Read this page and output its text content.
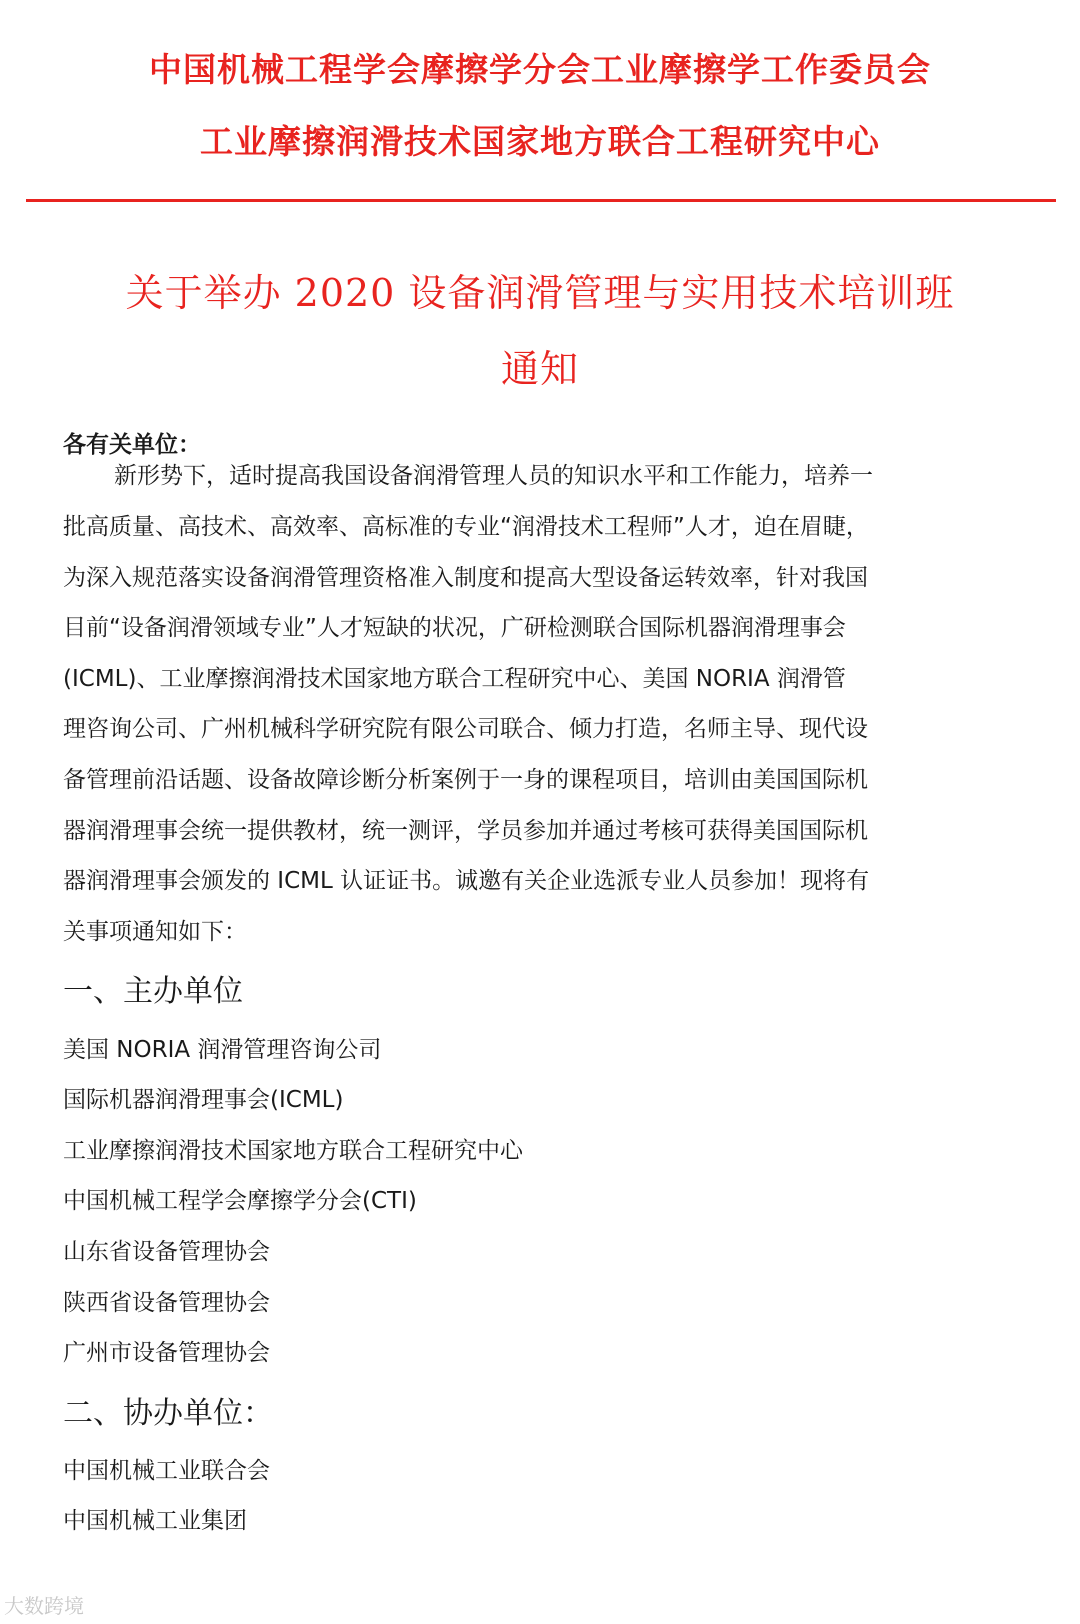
中国机械工程学会摩擦学分会工业摩擦学工作委员会
工业摩擦润滑技术国家地方联合工程研究中心
关于举办 2020 设备润滑管理与实用技术培训班
通知
各有关单位：
新形势下，适时提高我国设备润滑管理人员的知识水平和工作能力，培养一
批高质量、高技术、高效率、高标准的专业“润滑技术工程师”人才，迫在眉睫，
为深入规范落实设备润滑管理资格准入制度和提高大型设备运转效率，针对我国
目前“设备润滑领域专业”人才短缺的状况，广研检测联合国际机器润滑理事会
(ICML)、工业摩擦润滑技术国家地方联合工程研究中心、美国 NORIA 润滑管
理咨询公司、广州机械科学研究院有限公司联合、倾力打造，名师主导、现代设
备管理前沿话题、设备故障诊断分析案例于一身的课程项目，培训由美国国际机
器润滑理事会统一提供教材，统一测评，学员参加并通过考核可获得美国国际机
器润滑理事会颁发的 ICML 认证证书。诚邀有关企业选派专业人员参加！现将有
关事项通知如下：
一、主办单位
美国 NORIA 润滑管理咨询公司
国际机器润滑理事会(ICML)
工业摩擦润滑技术国家地方联合工程研究中心
中国机械工程学会摩擦学分会(CTI)
山东省设备管理协会
陕西省设备管理协会
广州市设备管理协会
二、协办单位：
中国机械工业联合会
中国机械工业集团
大数跨境
